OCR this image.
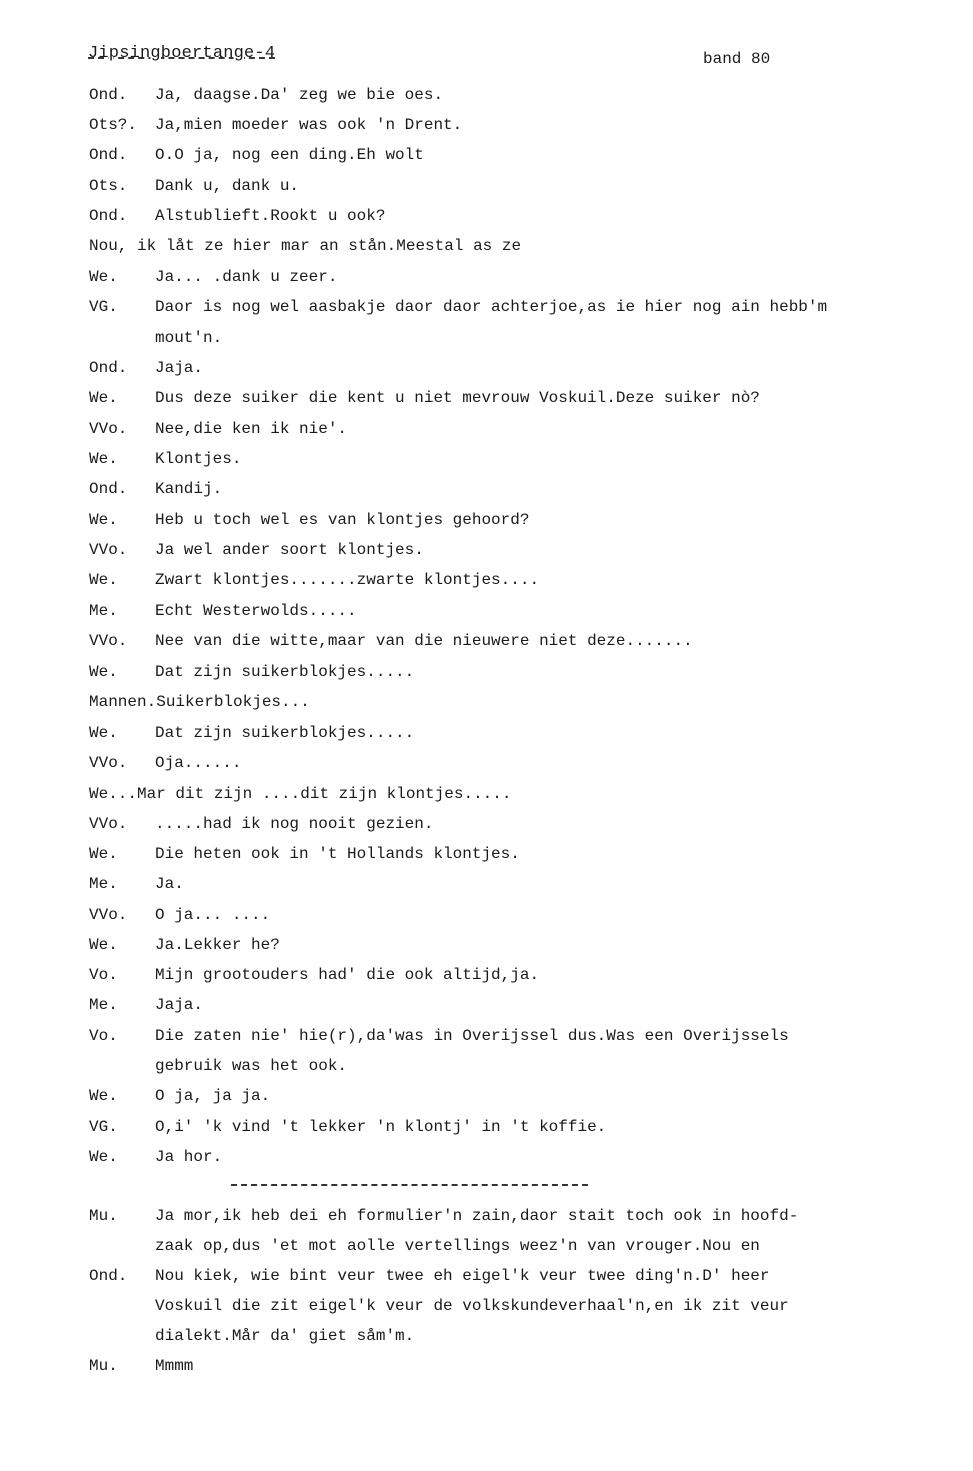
Jipsingboertange-4	band 80

Ond.

Ja, daagse.Da' zeg we bie oes.

Ots?.

Ja,mien moeder was ook 'n Drent.

Ond.

O.O ja, nog een ding.Eh wolt

Ots.

Dank u, dank u.

Ond.

Alstublieft.Rookt u ook?

Nou, ik låt ze hier mar an stån.Meestal as ze

We.

Ja... .dank u zeer.

VG.

Daor is nog wel aasbakje daor daor achterjoe,as ie hier nog ain hebb'm

mout'n.

Ond.

Jaja.

We.

Dus deze suiker die kent u niet mevrouw Voskuil.Deze suiker nò?

VVo.

Nee,die ken ik nie'.

We.

Klontjes.

Ond.

Kandij.

We.

Heb u toch wel es van klontjes gehoord?

VVo.

Ja wel ander soort klontjes.

We.

Zwart klontjes.......zwarte klontjes....

Me.

Echt Westerwolds.....

VVo.

Nee van die witte,maar van die nieuwere niet deze.......

We.

Dat zijn suikerblokjes.....

Mannen.Suikerblokjes...

We.

Dat zijn suikerblokjes.....

VVo.

Oja......

We...Mar dit zijn ....dit zijn klontjes.....

VVo.

.....had ik nog nooit gezien.

We.

Die heten ook in 't Hollands klontjes.

Me.

Ja.

VVo.

O ja... ....

We.

Ja.Lekker he?

Vo.

Mijn grootouders had' die ook altijd,ja.

Me.

Jaja.

Vo.

Die zaten nie' hie(r),da'was in Overijssel dus.Was een Overijssels

gebruik was het ook.

We.

O ja, ja ja.

VG.

O,i' 'k vind 't lekker 'n klontj' in 't koffie.

We.

Ja hor.

Mu.

Ja mor,ik heb dei eh formulier'n zain,daor stait toch ook in hoofd-

zaak op,dus 'et mot aolle vertellings weez'n van vrouger.Nou en

Ond.

Nou kiek, wie bint veur twee eh eigel'k veur twee ding'n.D' heer

Voskuil die zit eigel'k veur de volkskundeverhaal'n,en ik zit veur

dialekt.Mår da' giet såm'm.

Mu.

Mmmm
